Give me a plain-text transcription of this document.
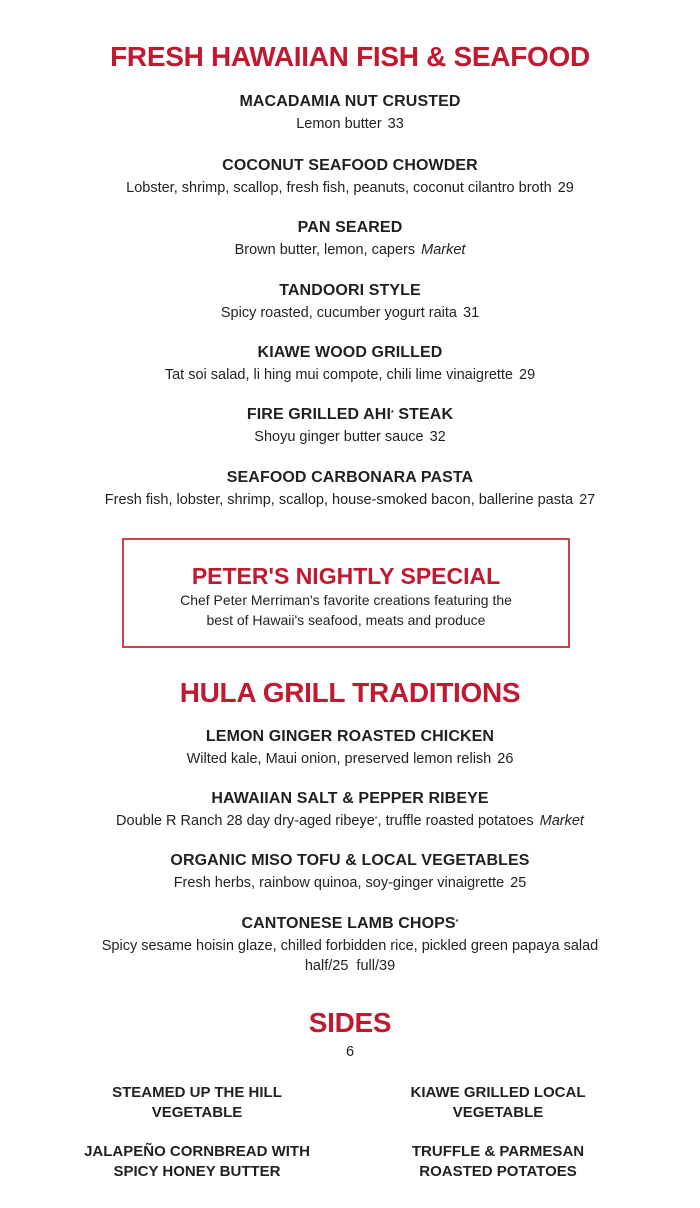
FRESH HAWAIIAN FISH & SEAFOOD
MACADAMIA NUT CRUSTED
Lemon butter 33
COCONUT SEAFOOD CHOWDER
Lobster, shrimp, scallop, fresh fish, peanuts, coconut cilantro broth 29
PAN SEARED
Brown butter, lemon, capers Market
TANDOORI STYLE
Spicy roasted, cucumber yogurt raita 31
KIAWE WOOD GRILLED
Tat soi salad, li hing mui compote, chili lime vinaigrette 29
FIRE GRILLED AHI* STEAK
Shoyu ginger butter sauce 32
SEAFOOD CARBONARA PASTA
Fresh fish, lobster, shrimp, scallop, house-smoked bacon, ballerine pasta 27
PETER'S NIGHTLY SPECIAL
Chef Peter Merriman's favorite creations featuring the
best of Hawaii's seafood, meats and produce
HULA GRILL TRADITIONS
LEMON GINGER ROASTED CHICKEN
Wilted kale, Maui onion, preserved lemon relish 26
HAWAIIAN SALT & PEPPER RIBEYE
Double R Ranch 28 day dry-aged ribeye*, truffle roasted potatoes Market
ORGANIC MISO TOFU & LOCAL VEGETABLES
Fresh herbs, rainbow quinoa, soy-ginger vinaigrette 25
CANTONESE LAMB CHOPS*
Spicy sesame hoisin glaze, chilled forbidden rice, pickled green papaya salad
half/25  full/39
SIDES
6
STEAMED UP THE HILL
VEGETABLE
KIAWE GRILLED LOCAL
VEGETABLE
JALAPEÑO CORNBREAD WITH
SPICY HONEY BUTTER
TRUFFLE & PARMESAN
ROASTED POTATOES
